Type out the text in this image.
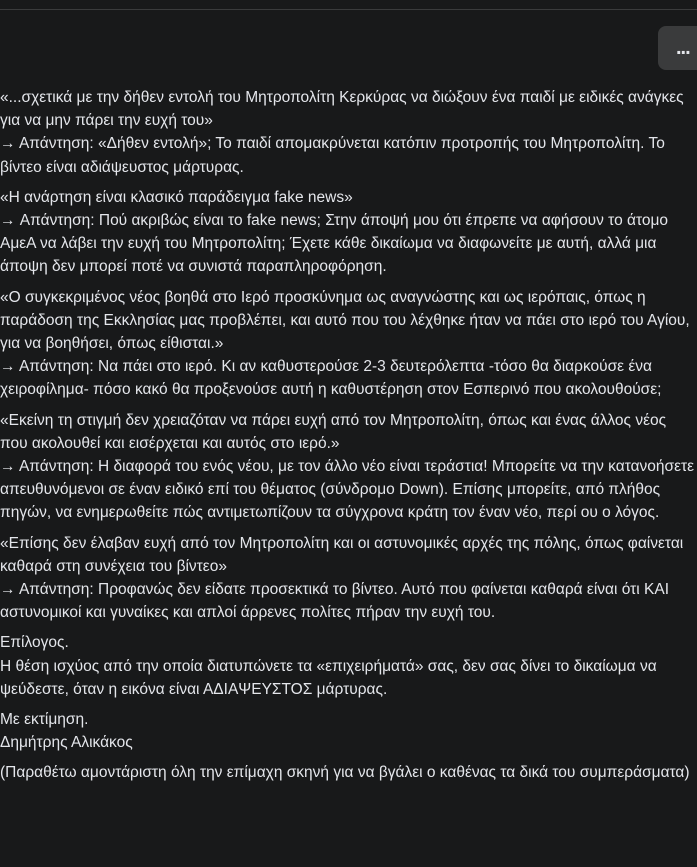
...

«...σχετικά με την δήθεν εντολή του Μητροπολίτη Κερκύρας να διώξουν ένα παιδί με ειδικές ανάγκες για να μην πάρει την ευχή του»
→ Απάντηση: «Δήθεν εντολή»; Το παιδί απομακρύνεται κατόπιν προτροπής του Μητροπολίτη. Το βίντεο είναι αδιάψευστος μάρτυρας.

«Η ανάρτηση είναι κλασικό παράδειγμα fake news»
→ Απάντηση: Πού ακριβώς είναι το fake news; Στην άποψή μου ότι έπρεπε να αφήσουν το άτομο ΑμεΑ να λάβει την ευχή του Μητροπολίτη; Έχετε κάθε δικαίωμα να διαφωνείτε με αυτή, αλλά μια άποψη δεν μπορεί ποτέ να συνιστά παραπληροφόρηση.

«Ο συγκεκριμένος νέος βοηθά στο Ιερό προσκύνημα ως αναγνώστης και ως ιερόπαις, όπως η παράδοση της Εκκλησίας μας προβλέπει, και αυτό που του λέχθηκε ήταν να πάει στο ιερό του Αγίου, για να βοηθήσει, όπως είθισται.»
→ Απάντηση: Να πάει στο ιερό. Κι αν καθυστερούσε 2-3 δευτερόλεπτα -τόσο θα διαρκούσε ένα χειροφίλημα- πόσο κακό θα προξενούσε αυτή η καθυστέρηση στον Εσπερινό που ακολουθούσε;

«Εκείνη τη στιγμή δεν χρειαζόταν να πάρει ευχή από τον Μητροπολίτη, όπως και ένας άλλος νέος που ακολουθεί και εισέρχεται και αυτός στο ιερό.»
→ Απάντηση: Η διαφορά του ενός νέου, με τον άλλο νέο είναι τεράστια! Μπορείτε να την κατανοήσετε απευθυνόμενοι σε έναν ειδικό επί του θέματος (σύνδρομο Down). Επίσης μπορείτε, από πλήθος πηγών, να ενημερωθείτε πώς αντιμετωπίζουν τα σύγχρονα κράτη τον έναν νέο, περί ου ο λόγος.

«Επίσης δεν έλαβαν ευχή από τον Μητροπολίτη και οι αστυνομικές αρχές της πόλης, όπως φαίνεται καθαρά στη συνέχεια του βίντεο»
→ Απάντηση: Προφανώς δεν είδατε προσεκτικά το βίντεο. Αυτό που φαίνεται καθαρά είναι ότι ΚΑΙ αστυνομικοί και γυναίκες και απλοί άρρενες πολίτες πήραν την ευχή του.

Επίλογος.
Η θέση ισχύος από την οποία διατυπώνετε τα «επιχειρήματά» σας, δεν σας δίνει το δικαίωμα να ψεύδεστε, όταν η εικόνα είναι ΑΔΙΑΨΕΥΣΤΟΣ μάρτυρας.

Με εκτίμηση.
Δημήτρης Αλικάκος

(Παραθέτω αμοντάριστη όλη την επίμαχη σκηνή για να βγάλει ο καθένας τα δικά του συμπεράσματα)
